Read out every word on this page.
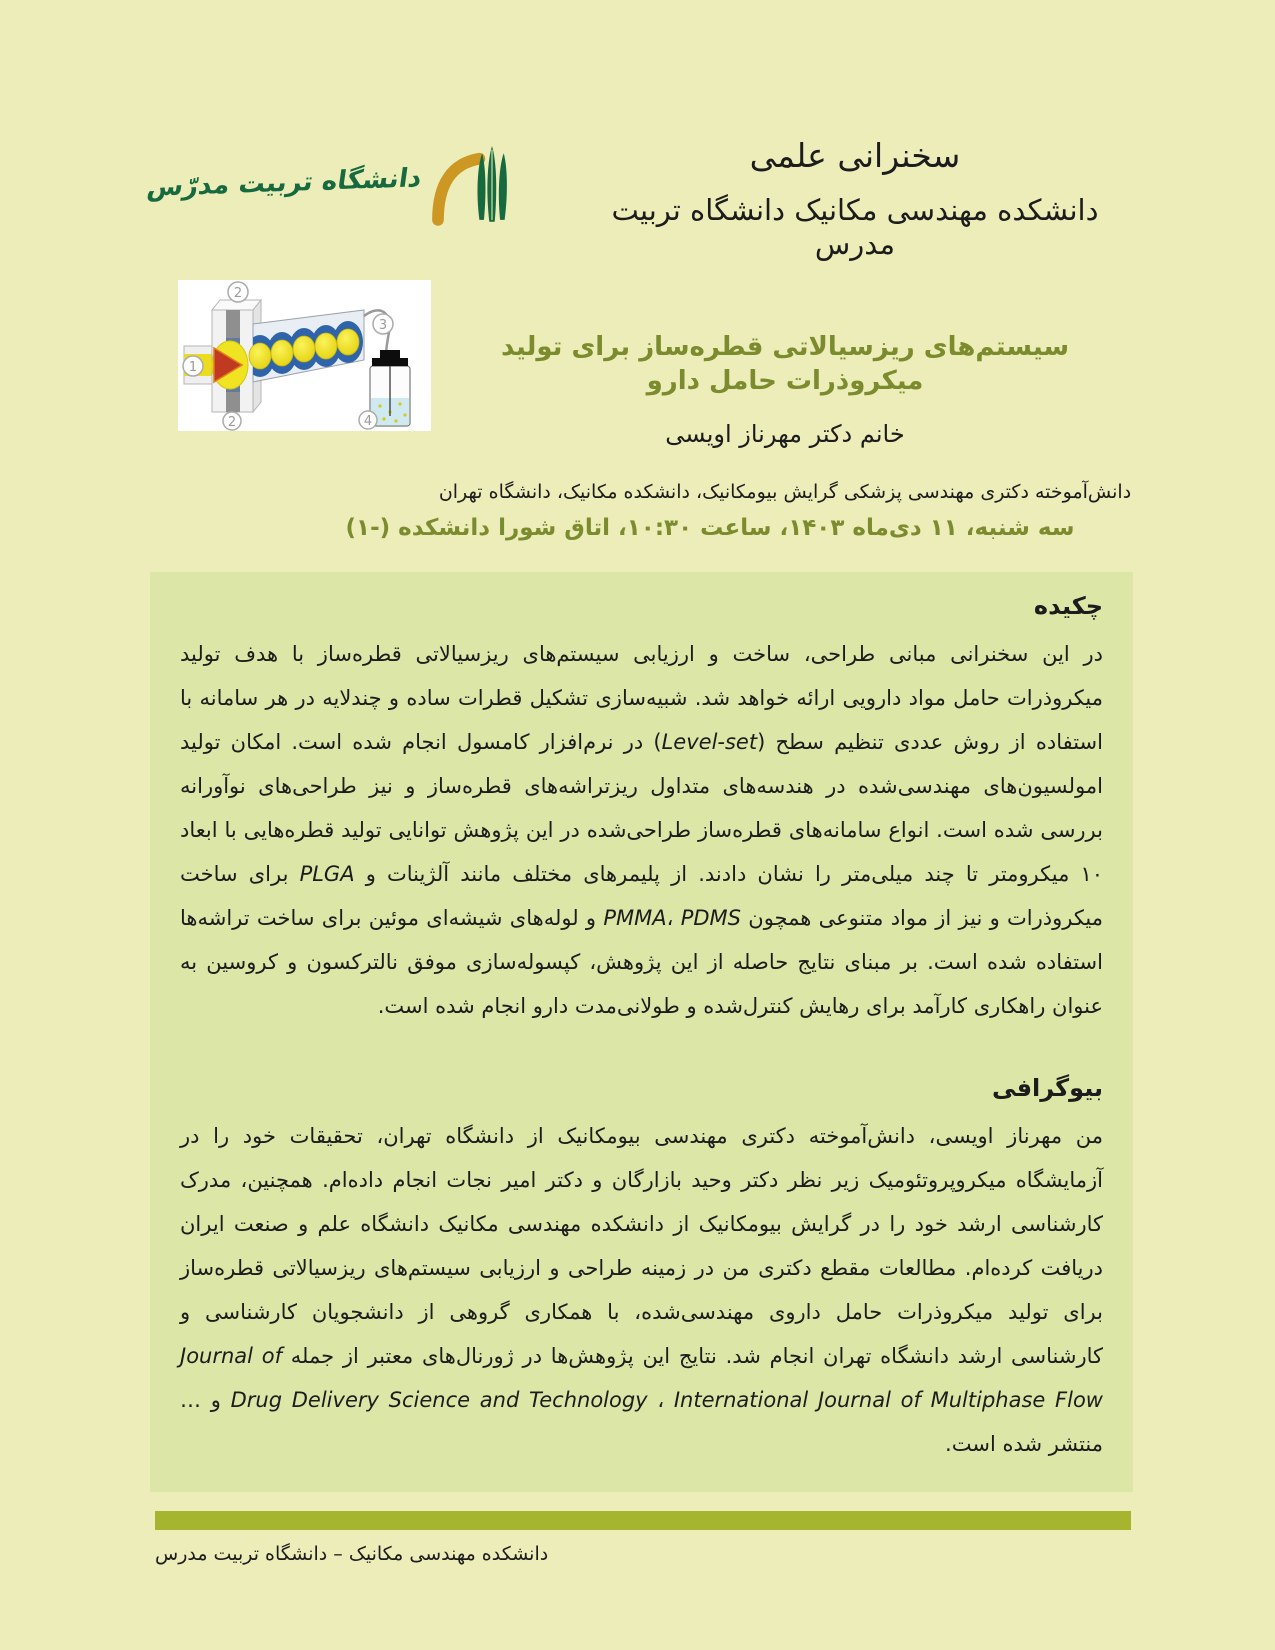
دانشگاه تربیت مدرّس
سخنرانی علمی
دانشکده مهندسی مکانیک دانشگاه تربیت مدرس
1
2
2
3
4
سیستم‌های ریزسیالاتی قطره‌ساز برای تولید میکروذرات حامل دارو
خانم دکتر مهرناز اویسی
دانش‌آموخته دکتری مهندسی پزشکی گرایش بیومکانیک، دانشکده مکانیک، دانشگاه تهران
سه شنبه، ۱۱ دی‌ماه ۱۴۰۳، ساعت ۱۰:۳۰، اتاق شورا دانشکده (-۱)
چکیده

در این سخنرانی مبانی طراحی، ساخت و ارزیابی سیستم‌های ریزسیالاتی قطره‌ساز با هدف تولید میکروذرات حامل مواد دارویی ارائه خواهد شد. شبیه‌سازی تشکیل قطرات ساده و چندلایه در هر سامانه با استفاده از روش عددی تنظیم سطح (Level-set) در نرم‌افزار کامسول انجام شده است. امکان تولید امولسیون‌های مهندسی‌شده در هندسه‌های متداول ریزتراشه‌های قطره‌ساز و نیز طراحی‌های نوآورانه بررسی شده است. انواع سامانه‌های قطره‌ساز طراحی‌شده در این پژوهش توانایی تولید قطره‌هایی با ابعاد ۱۰ میکرومتر تا چند میلی‌متر را نشان دادند. از پلیمرهای مختلف مانند آلژینات و PLGA برای ساخت میکروذرات و نیز از مواد متنوعی همچون PMMA، PDMS و لوله‌های شیشه‌ای موئین برای ساخت تراشه‌ها استفاده شده است. بر مبنای نتایج حاصله از این پژوهش، کپسوله‌سازی موفق نالترکسون و کروسین به عنوان راهکاری کارآمد برای رهایش کنترل‌شده و طولانی‌مدت دارو انجام شده است.

بیوگرافی

من مهرناز اویسی، دانش‌آموخته دکتری مهندسی بیومکانیک از دانشگاه تهران، تحقیقات خود را در آزمایشگاه میکروپروتئومیک زیر نظر دکتر وحید بازارگان و دکتر امیر نجات انجام داده‌ام. همچنین، مدرک کارشناسی ارشد خود را در گرایش بیومکانیک از دانشکده مهندسی مکانیک دانشگاه علم و صنعت ایران دریافت کرده‌ام. مطالعات مقطع دکتری من در زمینه طراحی و ارزیابی سیستم‌های ریزسیالاتی قطره‌ساز برای تولید میکروذرات حامل داروی مهندسی‌شده، با همکاری گروهی از دانشجویان کارشناسی و کارشناسی ارشد دانشگاه تهران انجام شد. نتایج این پژوهش‌ها در ژورنال‌های معتبر از جمله Journal of Drug Delivery Science and Technology ، International Journal of Multiphase Flow و … منتشر شده است.

دانشکده مهندسی مکانیک – دانشگاه تربیت مدرس
